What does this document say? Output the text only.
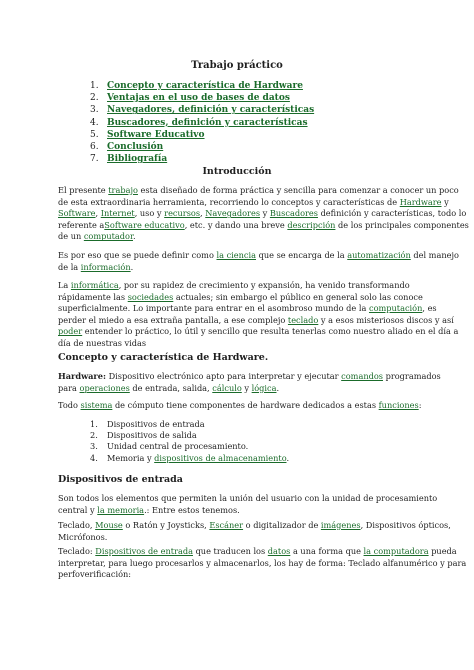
Trabajo práctico
1. Concepto y característica de Hardware
2. Ventajas en el uso de bases de datos
3. Navegadores, definición y características
4. Buscadores, definición y características
5. Software Educativo
6. Conclusión
7. Bibliografía
Introducción
El presente trabajo esta diseñado de forma práctica y sencilla para comenzar a conocer un poco
de esta extraordinaria herramienta, recorriendo lo conceptos y características de Hardware y
Software, Internet, uso y recursos, Navegadores y Buscadores definición y características, todo lo
referente aSoftware educativo, etc. y dando una breve descripción de los principales componentes
de un computador.
Es por eso que se puede definir como la ciencia que se encarga de la automatización del manejo
de la información.
La informática, por su rapidez de crecimiento y expansión, ha venido transformando
rápidamente las sociedades actuales; sin embargo el público en general solo las conoce
superficialmente. Lo importante para entrar en el asombroso mundo de la computación, es
perder el miedo a esa extraña pantalla, a ese complejo teclado y a esos misteriosos discos y así
poder entender lo práctico, lo útil y sencillo que resulta tenerlas como nuestro aliado en el día a
día de nuestras vidas
Concepto y característica de Hardware.
Hardware: Dispositivo electrónico apto para interpretar y ejecutar comandos programados
para operaciones de entrada, salida, cálculo y lógica.
Todo sistema de cómputo tiene componentes de hardware dedicados a estas funciones:
1. Dispositivos de entrada
2. Dispositivos de salida
3. Unidad central de procesamiento.
4. Memoria y dispositivos de almacenamiento.
Dispositivos de entrada
Son todos los elementos que permiten la unión del usuario con la unidad de procesamiento
central y la memoria.: Entre estos tenemos.
Teclado, Mouse o Ratón y Joysticks, Escáner o digitalizador de imágenes, Dispositivos ópticos,
Micrófonos.
Teclado: Dispositivos de entrada que traducen los datos a una forma que la computadora pueda
interpretar, para luego procesarlos y almacenarlos, los hay de forma: Teclado alfanumérico y para
perfoverificación:
